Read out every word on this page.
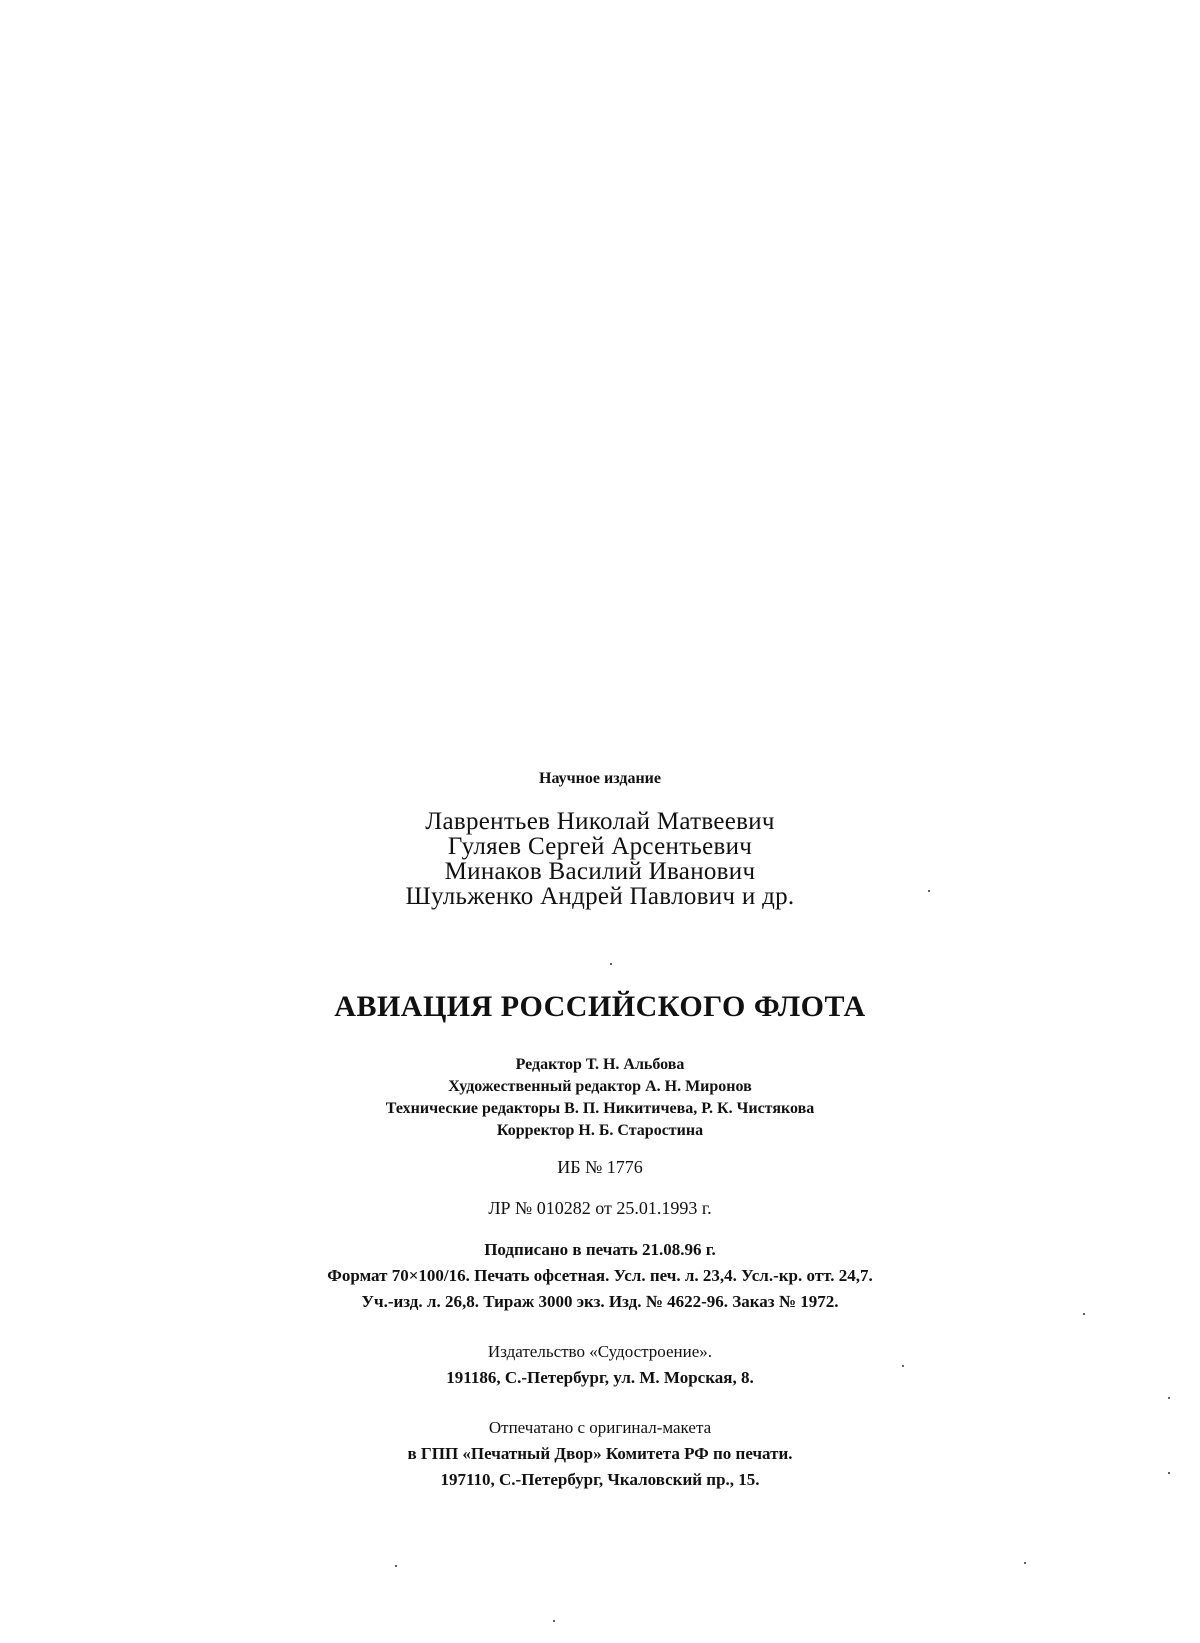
Научное издание

Лаврентьев Николай Матвеевич
Гуляев Сергей Арсентьевич
Минаков Василий Иванович
Шульженко Андрей Павлович и др.

АВИАЦИЯ РОССИЙСКОГО ФЛОТА

Редактор Т. Н. Альбова

Художественный редактор А. Н. Миронов

Технические редакторы В. П. Никитичева, Р. К. Чистякова

Корректор Н. Б. Старостина

ИБ № 1776

ЛР № 010282 от 25.01.1993 г.

Подписано в печать 21.08.96 г.

Формат 70×100/16. Печать офсетная. Усл. печ. л. 23,4. Усл.-кр. отт. 24,7.

Уч.-изд. л. 26,8. Тираж 3000 экз. Изд. № 4622-96. Заказ № 1972.

Издательство «Судостроение».

191186, С.-Петербург, ул. М. Морская, 8.

Отпечатано с оригинал-макета

в ГПП «Печатный Двор» Комитета РФ по печати.

197110, С.-Петербург, Чкаловский пр., 15.
